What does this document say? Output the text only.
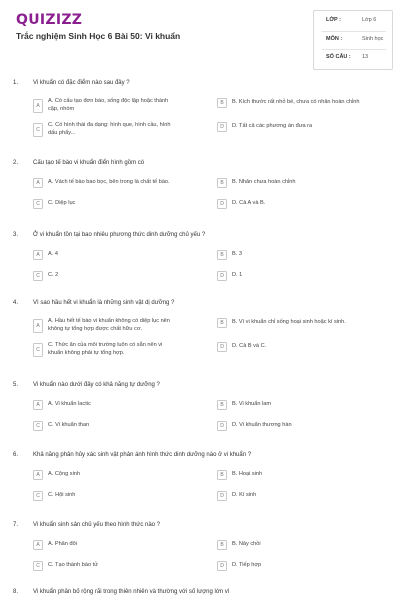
QUIZIZZ
Trắc nghiệm Sinh Học 6 Bài 50: Vi khuẩn
LỚP :	Lớp 6
MÔN :	Sinh học
SỐ CÂU : 13
1. Vi khuẩn có đặc điểm nào sau đây ?
A
A. Có cấu tạo đơn bào, sống độc lập hoặc thành
cặp, nhóm
B	B. Kích thước rất nhỏ bé, chưa có nhân hoàn chỉnh
C
C. Có hình thái đa dạng: hình que, hình cầu, hình
dấu phẩy...
D	D. Tất cả các phương án đưa ra
2. Cấu tạo tế bào vi khuẩn điển hình gồm có
A	A. Vách tế bào bao bọc, bên trong là chất tế bào.	B	B. Nhân chưa hoàn chỉnh
C	C. Diệp lục	D	D. Cả A và B.
3. Ở vi khuẩn tồn tại bao nhiêu phương thức dinh dưỡng chủ yếu ?
A	A. 4	B	B. 3
C	C. 2	D	D. 1
4. Vì sao hầu hết vi khuẩn là những sinh vật dị dưỡng ?
A
A. Hầu hết tế bào vi khuẩn không có diệp lục nên
không tự tổng hợp được chất hữu cơ.
B	B. Vì vi khuẩn chỉ sống hoại sinh hoặc kí sinh.
C
C. Thức ăn của môi trường luôn có sẵn nên vi
khuẩn không phải tự tổng hợp.
D	D. Cả B và C.
5. Vi khuẩn nào dưới đây có khả năng tự dưỡng ?
A	A. Vi khuẩn lactic	B	B. Vi khuẩn lam
C	C. Vi khuẩn than	D	D. Vi khuẩn thương hàn
6. Khả năng phân hủy xác sinh vật phản ánh hình thức dinh dưỡng nào ở vi khuẩn ?
A	A. Cộng sinh	B	B. Hoại sinh
C	C. Hội sinh	D	D. Kí sinh
7. Vi khuẩn sinh sản chủ yếu theo hình thức nào ?
A	A. Phân đôi	B	B. Nảy chồi
C	C. Tạo thành bào tử	D	D. Tiếp hợp
8. Vi khuẩn phân bố rộng rãi trong thiên nhiên và thường với số lượng lớn vì
